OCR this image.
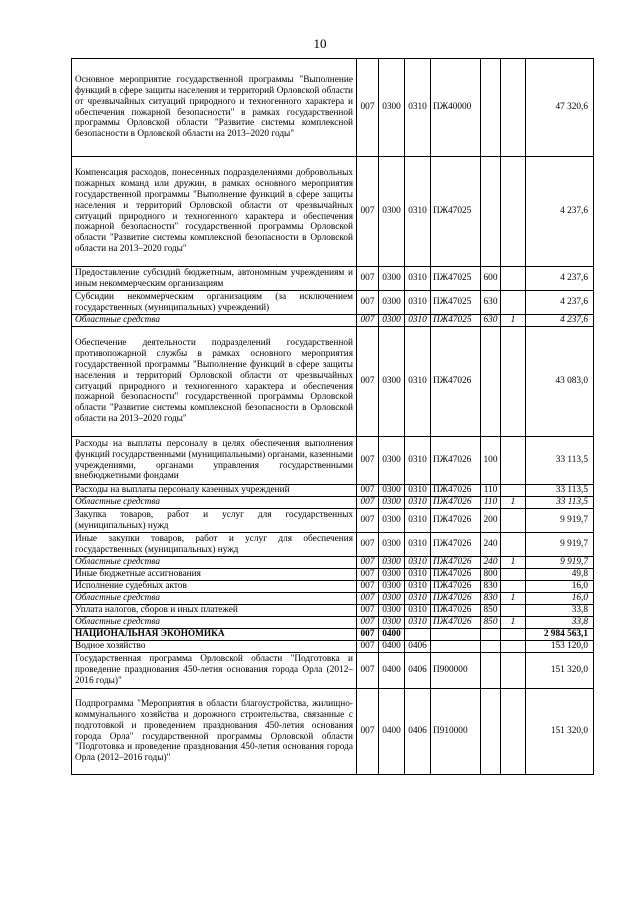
10
Основное мероприятие государственной программы "Выполнение функций в сфере защиты населения и территорий Орловской области от чрезвычайных ситуаций природного и техногенного характера и обеспечения пожарной безопасности" в рамках государственной программы Орловской области "Развитие системы комплексной безопасности в Орловской области на 2013–2020 годы"	007	0300	0310	ПЖ40000			47 320,6
Компенсация расходов, понесенных подразделениями добровольных пожарных команд или дружин, в рамках основного мероприятия государственной программы "Выполнение функций в сфере защиты населения и территорий Орловской области от чрезвычайных ситуаций природного и техногенного характера и обеспечения пожарной безопасности" государственной программы Орловской области "Развитие системы комплексной безопасности в Орловской области на 2013–2020 годы"	007	0300	0310	ПЖ47025			4 237,6
Предоставление субсидий бюджетным, автономным учреждениям и иным некоммерческим организациям	007	0300	0310	ПЖ47025	600		4 237,6
Субсидии некоммерческим организациям (за исключением государственных (муниципальных) учреждений)	007	0300	0310	ПЖ47025	630		4 237,6
Областные средства	007	0300	0310	ПЖ47025	630	1	4 237,6
Обеспечение деятельности подразделений государственной противопожарной службы в рамках основного мероприятия государственной программы "Выполнение функций в сфере защиты населения и территорий Орловской области от чрезвычайных ситуаций природного и техногенного характера и обеспечения пожарной безопасности" государственной программы Орловской области "Развитие системы комплексной безопасности в Орловской области на 2013–2020 годы"	007	0300	0310	ПЖ47026			43 083,0
Расходы на выплаты персоналу в целях обеспечения выполнения функций государственными (муниципальными) органами, казенными учреждениями, органами управления государственными внебюджетными фондами	007	0300	0310	ПЖ47026	100		33 113,5
Расходы на выплаты персоналу казенных учреждений	007	0300	0310	ПЖ47026	110		33 113,5
Областные средства	007	0300	0310	ПЖ47026	110	1	33 113,5
Закупка товаров, работ и услуг для государственных (муниципальных) нужд	007	0300	0310	ПЖ47026	200		9 919,7
Иные закупки товаров, работ и услуг для обеспечения государственных (муниципальных) нужд	007	0300	0310	ПЖ47026	240		9 919,7
Областные средства	007	0300	0310	ПЖ47026	240	1	9 919,7
Иные бюджетные ассигнования	007	0300	0310	ПЖ47026	800		49,8
Исполнение судебных актов	007	0300	0310	ПЖ47026	830		16,0
Областные средства	007	0300	0310	ПЖ47026	830	1	16,0
Уплата налогов, сборов и иных платежей	007	0300	0310	ПЖ47026	850		33,8
Областные средства	007	0300	0310	ПЖ47026	850	1	33,8
НАЦИОНАЛЬНАЯ ЭКОНОМИКА	007	0400					2 984 563,1
Водное хозяйство	007	0400	0406				153 120,0
Государственная программа Орловской области "Подготовка и проведение празднования 450-летия основания города Орла (2012–2016 годы)"	007	0400	0406	П900000			151 320,0
Подпрограмма "Мероприятия в области благоустройства, жилищно-коммунального хозяйства и дорожного строительства, связанные с подготовкой и проведением празднования 450-летия основания города Орла" государственной программы Орловской области "Подготовка и проведение празднования 450-летия основания города Орла (2012–2016 годы)"	007	0400	0406	П910000			151 320,0
